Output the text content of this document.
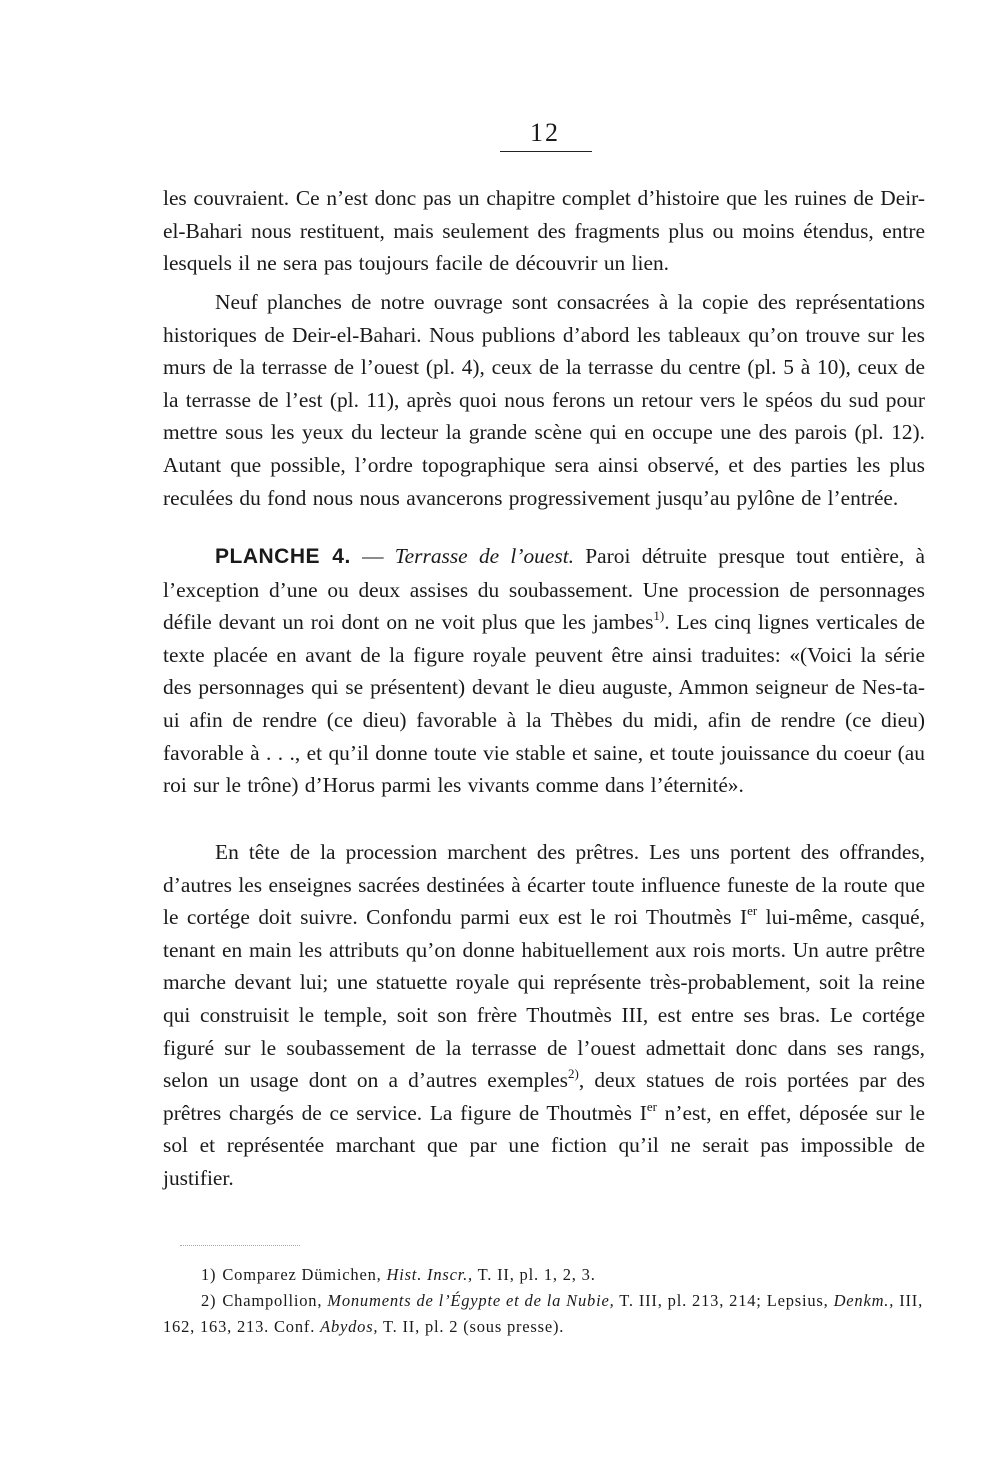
12

les couvraient. Ce n’est donc pas un chapitre complet d’histoire que les ruines de Deir-el-Bahari nous restituent, mais seulement des fragments plus ou moins étendus, entre lesquels il ne sera pas toujours facile de découvrir un lien.

Neuf planches de notre ouvrage sont consacrées à la copie des représentations historiques de Deir-el-Bahari. Nous publions d’abord les tableaux qu’on trouve sur les murs de la terrasse de l’ouest (pl. 4), ceux de la terrasse du centre (pl. 5 à 10), ceux de la terrasse de l’est (pl. 11), après quoi nous ferons un retour vers le spéos du sud pour mettre sous les yeux du lecteur la grande scène qui en occupe une des parois (pl. 12). Autant que possible, l’ordre topographique sera ainsi observé, et des parties les plus reculées du fond nous nous avancerons progressivement jusqu’au pylône de l’entrée.

PLANCHE 4. — Terrasse de l’ouest. Paroi détruite presque tout entière, à l’exception d’une ou deux assises du soubassement. Une procession de personnages défile devant un roi dont on ne voit plus que les jambes$^{1)}$. Les cinq lignes verticales de texte placée en avant de la figure royale peuvent être ainsi traduites: «(Voici la série des personnages qui se présentent) devant le dieu auguste, Ammon seigneur de Nes-ta-ui afin de rendre (ce dieu) favorable à la Thèbes du midi, afin de rendre (ce dieu) favorable à . . ., et qu’il donne toute vie stable et saine, et toute jouissance du coeur (au roi sur le trône) d’Horus parmi les vivants comme dans l’éternité».

En tête de la procession marchent des prêtres. Les uns portent des offrandes, d’autres les enseignes sacrées destinées à écarter toute influence funeste de la route que le cortége doit suivre. Confondu parmi eux est le roi Thoutmès Ier lui-même, casqué, tenant en main les attributs qu’on donne habituellement aux rois morts. Un autre prêtre marche devant lui; une statuette royale qui représente très-probablement, soit la reine qui construisit le temple, soit son frère Thoutmès III, est entre ses bras. Le cortége figuré sur le soubassement de la terrasse de l’ouest admettait donc dans ses rangs, selon un usage dont on a d’autres exemples$^{2)}$, deux statues de rois portées par des prêtres chargés de ce service. La figure de Thoutmès Ier n’est, en effet, déposée sur le sol et représentée marchant que par une fiction qu’il ne serait pas impossible de justifier.

1) Comparez Dümichen, Hist. Inscr., T. II, pl. 1, 2, 3.

2) Champollion, Monuments de l’Égypte et de la Nubie, T. III, pl. 213, 214; Lepsius, Denkm., III, 162, 163, 213. Conf. Abydos, T. II, pl. 2 (sous presse).
